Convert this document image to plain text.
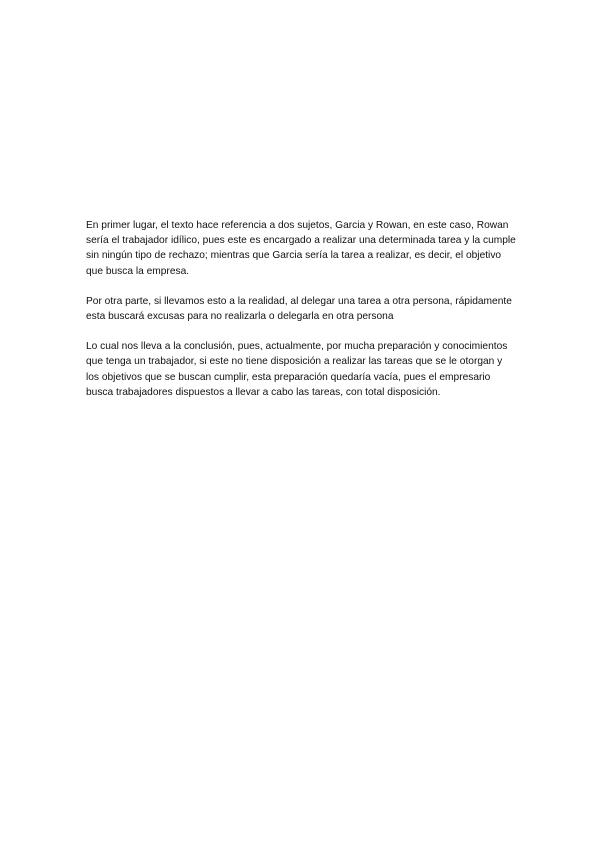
En primer lugar, el texto hace referencia a dos sujetos, Garcia y Rowan, en este caso, Rowan sería el trabajador idílico, pues este es encargado a realizar una determinada tarea y la cumple sin ningún tipo de rechazo; mientras que Garcia sería la tarea a realizar, es decir, el objetivo que busca la empresa.

Por otra parte, si llevamos esto a la realidad, al delegar una tarea a otra persona, rápidamente esta buscará excusas para no realizarla o delegarla en otra persona

Lo cual nos lleva a la conclusión, pues, actualmente, por mucha preparación y conocimientos que tenga un trabajador, si este no tiene disposición a realizar las tareas que se le otorgan y los objetivos que se buscan cumplir, esta preparación quedaría vacía, pues el empresario busca trabajadores dispuestos a llevar a cabo las tareas, con total disposición.
